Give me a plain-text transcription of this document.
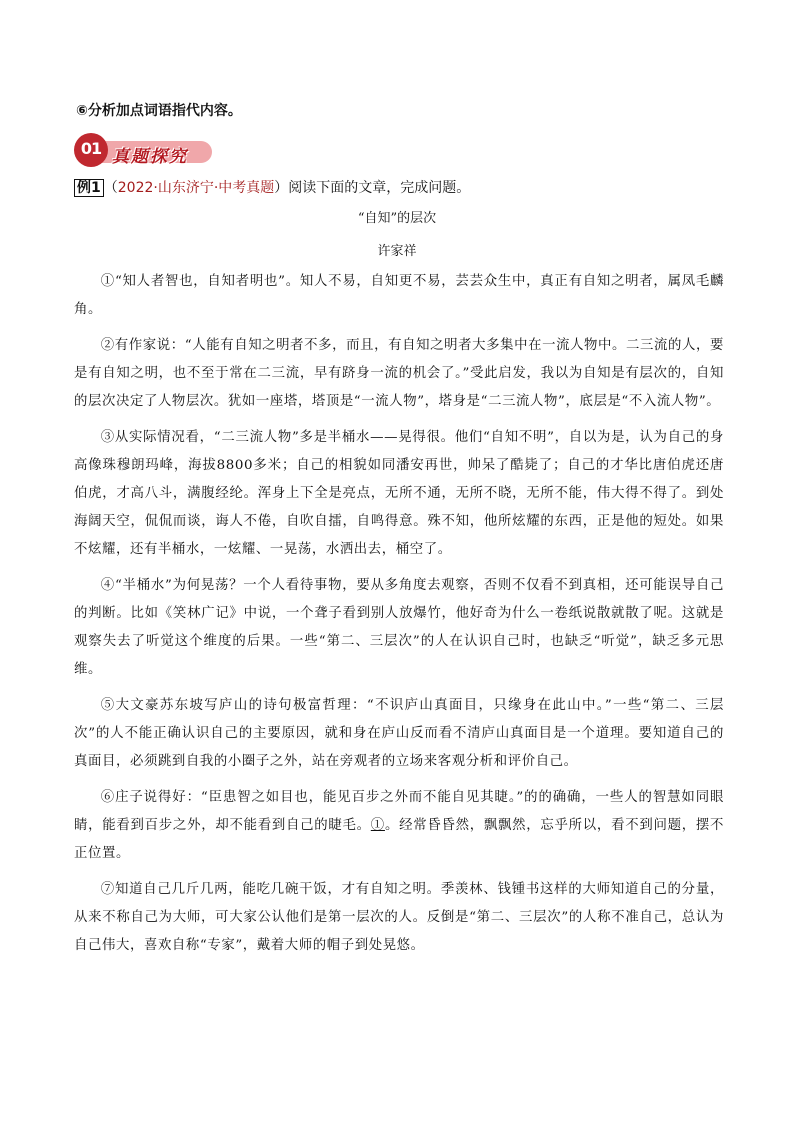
⑥分析加点词语指代内容。
01 真题探究
例1 （2022·山东济宁·中考真题）阅读下面的文章，完成问题。
“自知”的层次
许家祥

①“知人者智也，自知者明也”。知人不易，自知更不易，芸芸众生中，真正有自知之明者，属凤毛麟角。

②有作家说：“人能有自知之明者不多，而且，有自知之明者大多集中在一流人物中。二三流的人，要是有自知之明，也不至于常在二三流，早有跻身一流的机会了。”受此启发，我以为自知是有层次的，自知的层次决定了人物层次。犹如一座塔，塔顶是“一流人物”，塔身是“二三流人物”，底层是“不入流人物”。

③从实际情况看，“二三流人物”多是半桶水——晃得很。他们“自知不明”，自以为是，认为自己的身高像珠穆朗玛峰，海拔8800多米；自己的相貌如同潘安再世，帅呆了酷毙了；自己的才华比唐伯虎还唐伯虎，才高八斗，满腹经纶。浑身上下全是亮点，无所不通，无所不晓，无所不能，伟大得不得了。到处海阔天空，侃侃而谈，诲人不倦，自吹自擂，自鸣得意。殊不知，他所炫耀的东西，正是他的短处。如果不炫耀，还有半桶水，一炫耀、一晃荡，水洒出去，桶空了。

④“半桶水”为何晃荡？一个人看待事物，要从多角度去观察，否则不仅看不到真相，还可能误导自己的判断。比如《笑林广记》中说，一个聋子看到别人放爆竹，他好奇为什么一卷纸说散就散了呢。这就是观察失去了听觉这个维度的后果。一些“第二、三层次”的人在认识自己时，也缺乏“听觉”，缺乏多元思维。

⑤大文豪苏东坡写庐山的诗句极富哲理：“不识庐山真面目，只缘身在此山中。”一些“第二、三层次”的人不能正确认识自己的主要原因，就和身在庐山反而看不清庐山真面目是一个道理。要知道自己的真面目，必须跳到自我的小圈子之外，站在旁观者的立场来客观分析和评价自己。

⑥庄子说得好：“臣患智之如目也，能见百步之外而不能自见其睫。”的的确确，一些人的智慧如同眼睛，能看到百步之外，却不能看到自己的睫毛。①。经常昏昏然，飘飘然，忘乎所以，看不到问题，摆不正位置。

⑦知道自己几斤几两，能吃几碗干饭，才有自知之明。季羡林、钱锺书这样的大师知道自己的分量，从来不称自己为大师，可大家公认他们是第一层次的人。反倒是“第二、三层次”的人称不准自己，总认为自己伟大，喜欢自称“专家”，戴着大师的帽子到处晃悠。
